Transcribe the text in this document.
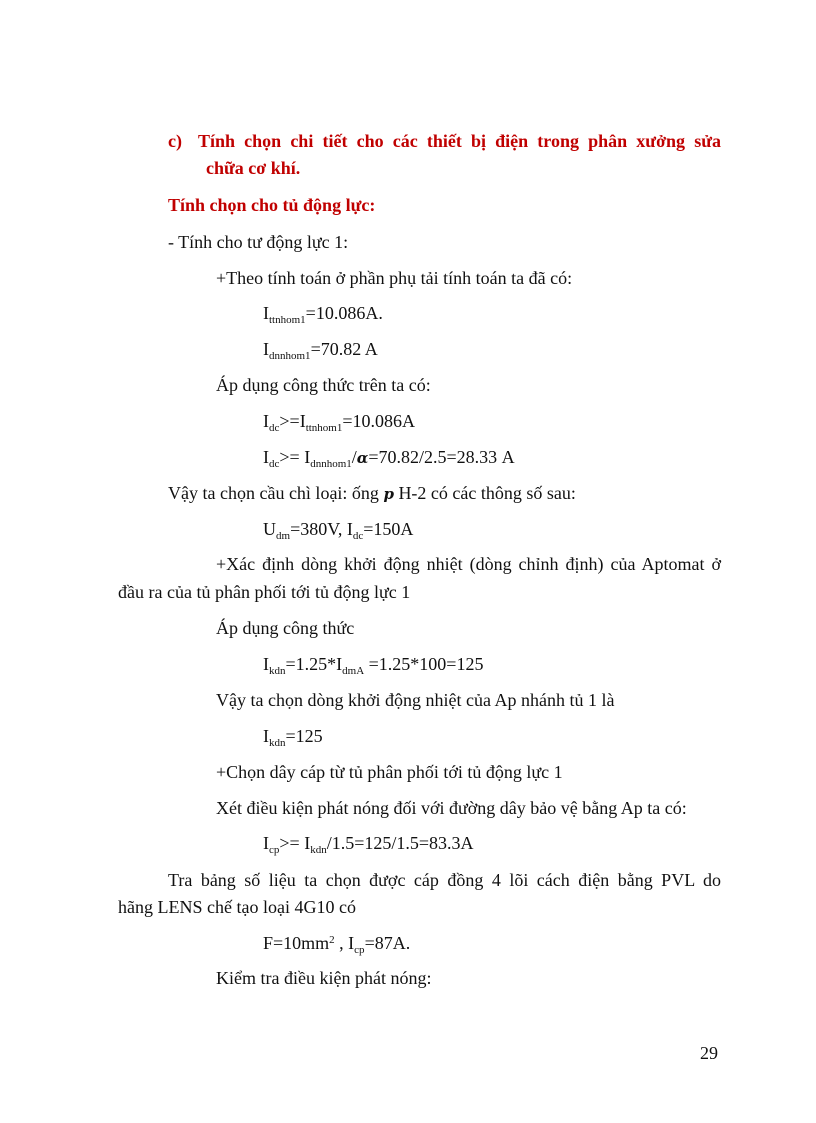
c) Tính chọn chi tiết cho các thiết bị điện trong phân xưởng sửa
chữa cơ khí.
Tính chọn cho tủ động lực:
- Tính cho tư động lực 1:
+Theo tính toán ở phần phụ tải tính toán ta đã có:
$I_{ttnhom1}=10.086A$.
$I_{dnnhom1}=70.82$ A
Áp dụng công thức trên ta có:
$I_{dc}>=I_{ttnhom1}=10.086A$
$I_{dc}>= I_{dnnhom1}/\alpha=70.82/2.5=28.33$ A
Vậy ta chọn cầu chì loại: ống p H-2 có các thông số sau:
$U_{dm}=380V$, $I_{dc}=150A$
+Xác định dòng khởi động nhiệt (dòng chỉnh định) của Aptomat ở
đầu ra của tủ phân phối tới tủ động lực 1
Áp dụng công thức
$I_{kdn}=1.25*I_{dmA} =1.25*100=125$
Vậy ta chọn dòng khởi động nhiệt của Ap nhánh tủ 1 là
$I_{kdn}=125$
+Chọn dây cáp từ tủ phân phối tới tủ động lực 1
Xét điều kiện phát nóng đối với đường dây bảo vệ bằng Ap ta có:
$I_{cp}>= I_{kdn}/1.5=125/1.5=83.3A$
Tra bảng số liệu ta chọn được cáp đồng 4 lõi cách điện bằng PVL do
hãng LENS chế tạo loại 4G10 có
$F=10mm^2$ , $I_{cp}=87A$.
Kiểm tra điều kiện phát nóng:
29
